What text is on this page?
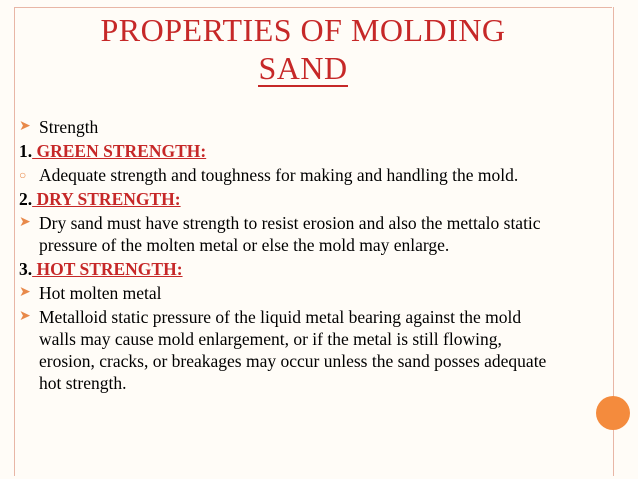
PROPERTIES OF MOLDING
SAND
➤ Strength
1. GREEN STRENGTH:
○ Adequate strength and toughness for making and handling the mold.
2. DRY STRENGTH:
➤ Dry sand must have strength to resist erosion and also the mettalo static pressure of the molten metal or else the mold may enlarge.
3. HOT STRENGTH:
➤ Hot molten metal
➤ Metalloid static pressure of the liquid metal bearing against the mold walls may cause mold enlargement, or if the metal is still flowing, erosion, cracks, or breakages may occur unless the sand posses adequate hot strength.
